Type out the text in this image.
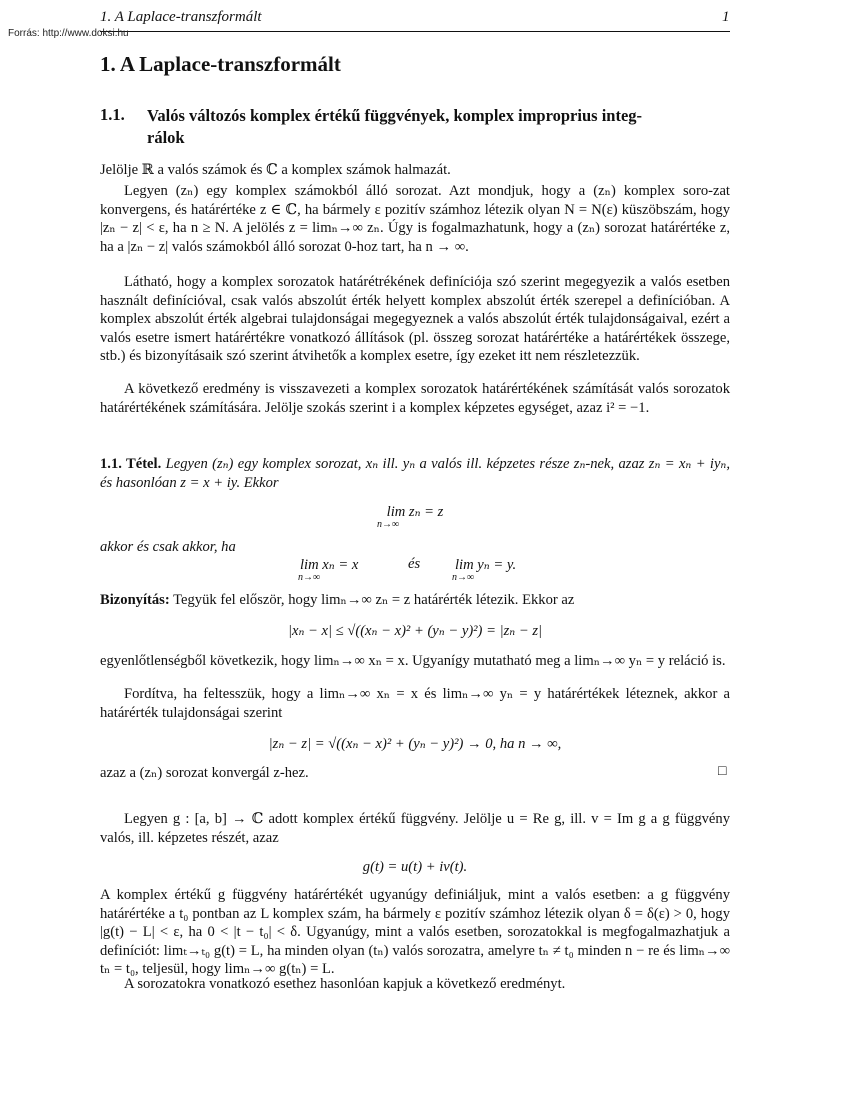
1. A Laplace-transzformált	1
Forrás: http://www.doksi.hu
1. A Laplace-transzformált
1.1. Valós változós komplex értékű függvények, komplex improprius integ-
rálok
Jelölje ℝ a valós számok és ℂ a komplex számok halmazát.
Legyen (zₙ) egy komplex számokból álló sorozat. Azt mondjuk, hogy a (zₙ) komplex soro-zat konvergens, és határértéke z ∈ ℂ, ha bármely ε pozitív számhoz létezik olyan N = N(ε) küszöbszám, hogy |zₙ − z| < ε, ha n ≥ N. A jelölés z = limₙ→∞ zₙ. Úgy is fogalmazhatunk, hogy a (zₙ) sorozat határértéke z, ha a |zₙ − z| valós számokból álló sorozat 0-hoz tart, ha n → ∞.
Látható, hogy a komplex sorozatok határétrékének definíciója szó szerint megegyezik a valós esetben használt definícióval, csak valós abszolút érték helyett komplex abszolút érték szerepel a definícióban. A komplex abszolút érték algebrai tulajdonságai megegyeznek a valós abszolút érték tulajdonságaival, ezért a valós esetre ismert határértékre vonatkozó állítások (pl. összeg sorozat határértéke a határértékek összege, stb.) és bizonyításaik szó szerint átvihetők a komplex esetre, így ezeket itt nem részletezzük.
A következő eredmény is visszavezeti a komplex sorozatok határértékének számítását valós sorozatok határértékének számítására. Jelölje szokás szerint i a komplex képzetes egységet, azaz i² = −1.
1.1. Tétel. Legyen (zₙ) egy komplex sorozat, xₙ ill. yₙ a valós ill. képzetes része zₙ-nek, azaz zₙ = xₙ + iyₙ, és hasonlóan z = x + iy. Ekkor
lim zₙ = z
n→∞
akkor és csak akkor, ha
lim xₙ = x
n→∞
és lim yₙ = y.
n→∞
Bizonyítás: Tegyük fel először, hogy limₙ→∞ zₙ = z határérték létezik. Ekkor az
|xₙ − x| ≤ √((xₙ − x)² + (yₙ − y)²) = |zₙ − z|
egyenlőtlenségből következik, hogy limₙ→∞ xₙ = x. Ugyanígy mutatható meg a limₙ→∞ yₙ = y reláció is.
Fordítva, ha feltesszük, hogy a limₙ→∞ xₙ = x és limₙ→∞ yₙ = y határértékek léteznek, akkor a határérték tulajdonságai szerint
|zₙ − z| = √((xₙ − x)² + (yₙ − y)²) → 0, ha n → ∞,
azaz a (zₙ) sorozat konvergál z-hez.	□
Legyen g : [a, b] → ℂ adott komplex értékű függvény. Jelölje u = Re g, ill. v = Im g a g függvény valós, ill. képzetes részét, azaz
g(t) = u(t) + iv(t).
A komplex értékű g függvény határértékét ugyanúgy definiáljuk, mint a valós esetben: a g függvény határértéke a t₀ pontban az L komplex szám, ha bármely ε pozitív számhoz létezik olyan δ = δ(ε) > 0, hogy |g(t) − L| < ε, ha 0 < |t − t₀| < δ. Ugyanúgy, mint a valós esetben, sorozatokkal is megfogalmazhatjuk a definíciót: limₜ→ₜ₀ g(t) = L, ha minden olyan (tₙ) valós sorozatra, amelyre tₙ ≠ t₀ minden n − re és limₙ→∞ tₙ = t₀, teljesül, hogy limₙ→∞ g(tₙ) = L.
A sorozatokra vonatkozó esethez hasonlóan kapjuk a következő eredményt.
